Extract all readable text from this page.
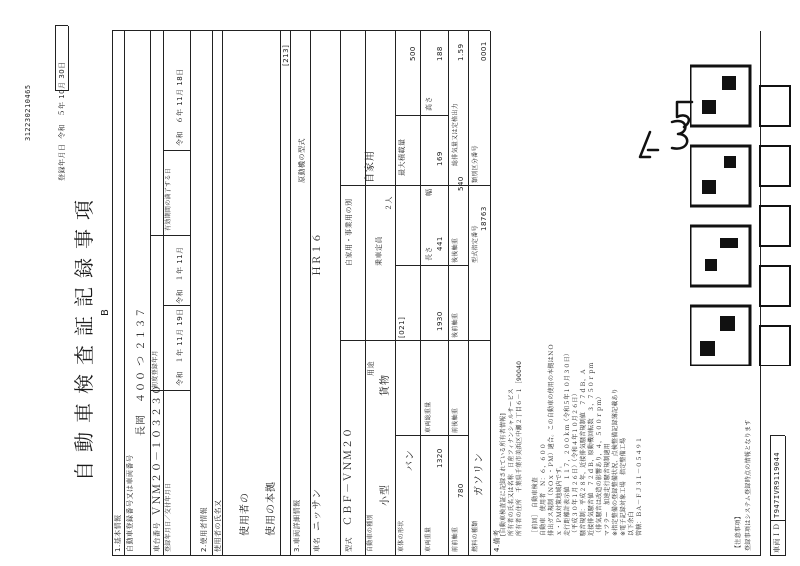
B
自動車検査証記録事項
登録年月日
令和　５年 10月 30日
3122302104​65
1.基本情報 自動車登録番号又は車両番号
長岡　４００ つ ２１３７
車台番号
ＶＮＭ２０－１０３２３０
初度登録年月
令和　１年 11月
登録年月日／交付年月日
令和　１年 11月 19日
有効期間の満了する日
令和　６年 11月 18日
2.使用者情報 使用者の氏名又 使用者の 使用の本拠
[213]
3.車両詳細情報 車名
ニッサン
型式
ＣＢＦ－ＶＮＭ２０
原動機の型式
ＨＲ１６
自動車の種別
小型
用途
貨物
自家用・事業用の別
自家用
車体の形状
[021]
バン
乗車定員
２人
最大積載量
500
車両重量
1320
車両総重量
1930
長さ
441
幅
169
高さ
188
前前軸重
780
前後軸重
後前軸重
後後軸重
540
総排気量又は定格出力
1.59
燃料の種類
ガソリン
型式指定番号
18763
類別区分番号
0001
4.備考
[自動車検査証に記録されている所有者情報] 所有者の氏名又は名称　日産フィナンシャルサービス 所有者の住所　千葉県千葉市美浜区中瀬２丁目６－１［90040 ［前回］　自動車検査 自動車　使用者　Ｎ：６，６００ 排出ガス規制（ＮＯｘ・ＰＭ）適合。この自動車の使用の本拠はＮＯ ｘ・ＰＭ対策地域内です。 走行距離計表示値　１１７，２００ｋｍ（令和５年１０月３０日） （平成３０年１月２６日）（令和４年１０月２６日） 騒音規制：平成２８年，近接排気騒音規制値　７７ｄＢ，Ａ 近接排気騒音値　７２ｄＢ，原動機回転数　３，７５０ｒｐｍ （排気騒音は改造の影響あり，４，５００ｒｐｍ） マフラー　加速走行騒音規制適用 ※指定整備の登録整備状況、点検整備記録簿記載あり ※電子記録対象工場　指定整備工場 以下余白 管轄：ＢＡ－ＦＪ３１－０５４９１
車両ＩＤ
T947IVR9119044
【注意事項】 登録事項はシステム登録時点の情報となります
